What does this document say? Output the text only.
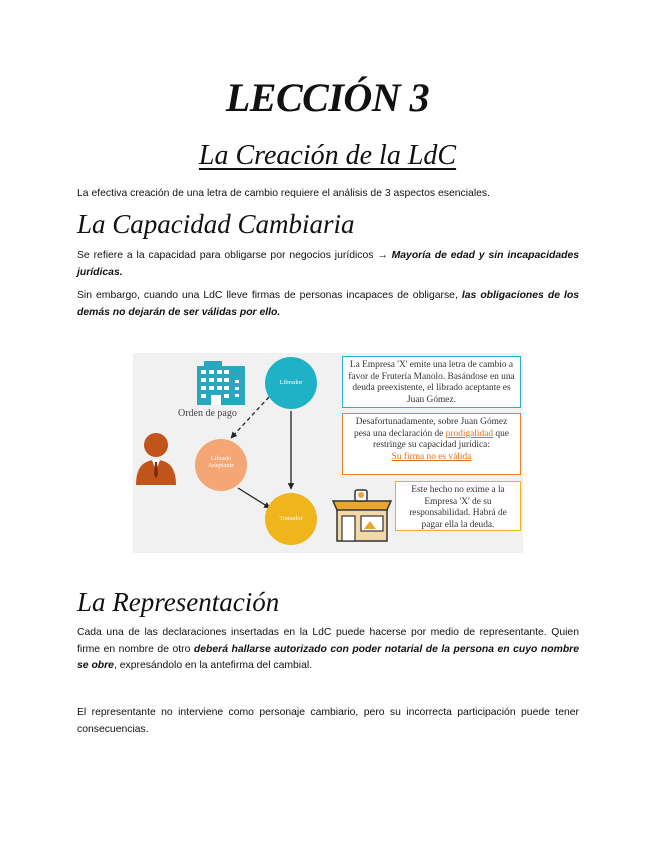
LECCIÓN 3
La Creación de la LdC
La efectiva creación de una letra de cambio requiere el análisis de 3 aspectos esenciales.
La Capacidad Cambiaria
Se refiere a la capacidad para obligarse por negocios jurídicos → Mayoría de edad y sin incapacidades jurídicas.
Sin embargo, cuando una LdC lleve firmas de personas incapaces de obligarse, las obligaciones de los demás no dejarán de ser válidas por ello.
Librador
Librado Aceptante
Tomador
Orden de pago
La Empresa 'X' emite una letra de cambio a favor de Frutería Manolo. Basándose en una deuda preexistente, el librado aceptante es Juan Gómez.
Desafortunadamente, sobre Juan Gómez pesa una declaración de prodigalidad que restringe su capacidad jurídica:
Su firma no es válida
Este hecho no exime a la Empresa 'X' de su responsabilidad. Habrá de pagar ella la deuda.
La Representación
Cada una de las declaraciones insertadas en la LdC puede hacerse por medio de representante. Quien firme en nombre de otro deberá hallarse autorizado con poder notarial de la persona en cuyo nombre se obre, expresándolo en la antefirma del cambial.
El representante no interviene como personaje cambiario, pero su incorrecta participación puede tener consecuencias.
